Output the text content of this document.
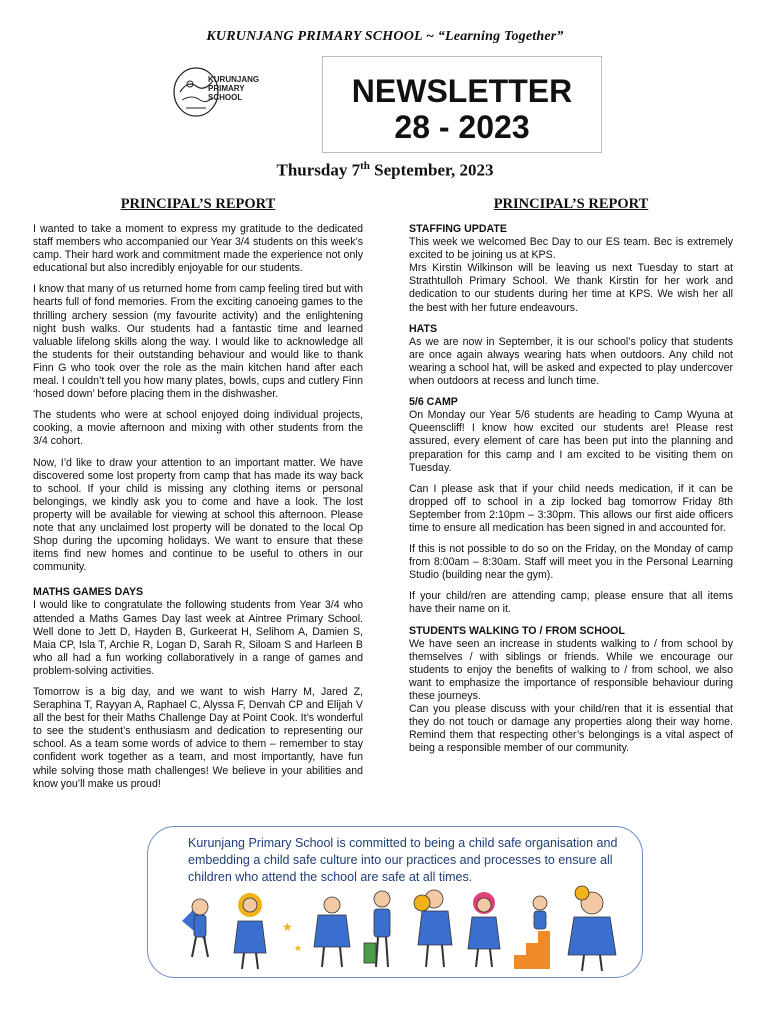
KURUNJANG PRIMARY SCHOOL ~ “Learning Together”
KURUNJANG
PRIMARY
SCHOOL	NEWSLETTER
28 - 2023
Thursday 7th September, 2023
PRINCIPAL’S REPORT

I wanted to take a moment to express my gratitude to the dedicated staff members who accompanied our Year 3/4 students on this week’s camp. Their hard work and commitment made the experience not only educational but also incredibly enjoyable for our students.

I know that many of us returned home from camp feeling tired but with hearts full of fond memories. From the exciting canoeing games to the thrilling archery session (my favourite activity) and the enlightening night bush walks. Our students had a fantastic time and learned valuable lifelong skills along the way. I would like to acknowledge all the students for their outstanding behaviour and would like to thank Finn G who took over the role as the main kitchen hand after each meal. I couldn’t tell you how many plates, bowls, cups and cutlery Finn ‘hosed down’ before placing them in the dishwasher.

The students who were at school enjoyed doing individual projects, cooking, a movie afternoon and mixing with other students from the 3/4 cohort.

Now, I’d like to draw your attention to an important matter. We have discovered some lost property from camp that has made its way back to school. If your child is missing any clothing items or personal belongings, we kindly ask you to come and have a look. The lost property will be available for viewing at school this afternoon. Please note that any unclaimed lost property will be donated to the local Op Shop during the upcoming holidays. We want to ensure that these items find new homes and continue to be useful to others in our community.

MATHS GAMES DAYS

I would like to congratulate the following students from Year 3/4 who attended a Maths Games Day last week at Aintree Primary School. Well done to Jett D, Hayden B, Gurkeerat H, Selihom A, Damien S, Maia CP, Isla T, Archie R, Logan D, Sarah R, Siloam S and Harleen B who all had a fun working collaboratively in a range of games and problem-solving activities.

Tomorrow is a big day, and we want to wish Harry M, Jared Z, Seraphina T, Rayyan A, Raphael C, Alyssa F, Denvah CP and Elijah V all the best for their Maths Challenge Day at Point Cook. It’s wonderful to see the student’s enthusiasm and dedication to representing our school. As a team some words of advice to them – remember to stay confident work together as a team, and most importantly, have fun while solving those math challenges! We believe in your abilities and know you’ll make us proud!

PRINCIPAL’S REPORT
STAFFING UPDATE

This week we welcomed Bec Day to our ES team. Bec is extremely excited to be joining us at KPS.

Mrs Kirstin Wilkinson will be leaving us next Tuesday to start at Strathtulloh Primary School. We thank Kirstin for her work and dedication to our students during her time at KPS. We wish her all the best with her future endeavours.

HATS

As we are now in September, it is our school’s policy that students are once again always wearing hats when outdoors. Any child not wearing a school hat, will be asked and expected to play undercover when outdoors at recess and lunch time.

5/6 CAMP

On Monday our Year 5/6 students are heading to Camp Wyuna at Queenscliff! I know how excited our students are! Please rest assured, every element of care has been put into the planning and preparation for this camp and I am excited to be visiting them on Tuesday.

Can I please ask that if your child needs medication, if it can be dropped off to school in a zip locked bag tomorrow Friday 8th September from 2:10pm – 3:30pm. This allows our first aide officers time to ensure all medication has been signed in and accounted for.

If this is not possible to do so on the Friday, on the Monday of camp from 8:00am – 8:30am. Staff will meet you in the Personal Learning Studio (building near the gym).

If your child/ren are attending camp, please ensure that all items have their name on it.

STUDENTS WALKING TO / FROM SCHOOL

We have seen an increase in students walking to / from school by themselves / with siblings or friends. While we encourage our students to enjoy the benefits of walking to / from school, we also want to emphasize the importance of responsible behaviour during these journeys.

Can you please discuss with your child/ren that it is essential that they do not touch or damage any properties along their way home. Remind them that respecting other’s belongings is a vital aspect of being a responsible member of our community.

Kurunjang Primary School is committed to being a child safe organisation and embedding a child safe culture into our practices and processes to ensure all children who attend the school are safe at all times.
★
★
